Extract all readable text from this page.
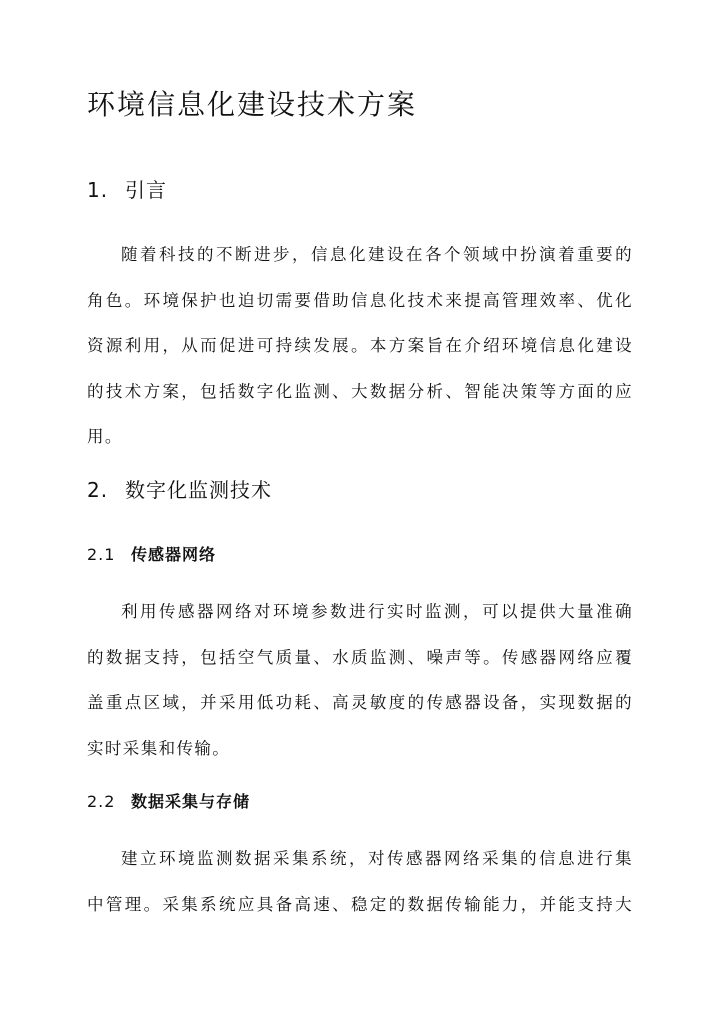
环境信息化建设技术方案
1. 引言
随着科技的不断进步，信息化建设在各个领域中扮演着重要的
角色。环境保护也迫切需要借助信息化技术来提高管理效率、优化
资源利用，从而促进可持续发展。本方案旨在介绍环境信息化建设
的技术方案，包括数字化监测、大数据分析、智能决策等方面的应
用。
2. 数字化监测技术
2.1 传感器网络
利用传感器网络对环境参数进行实时监测，可以提供大量准确
的数据支持，包括空气质量、水质监测、噪声等。传感器网络应覆
盖重点区域，并采用低功耗、高灵敏度的传感器设备，实现数据的
实时采集和传输。
2.2 数据采集与存储
建立环境监测数据采集系统，对传感器网络采集的信息进行集
中管理。采集系统应具备高速、稳定的数据传输能力，并能支持大
